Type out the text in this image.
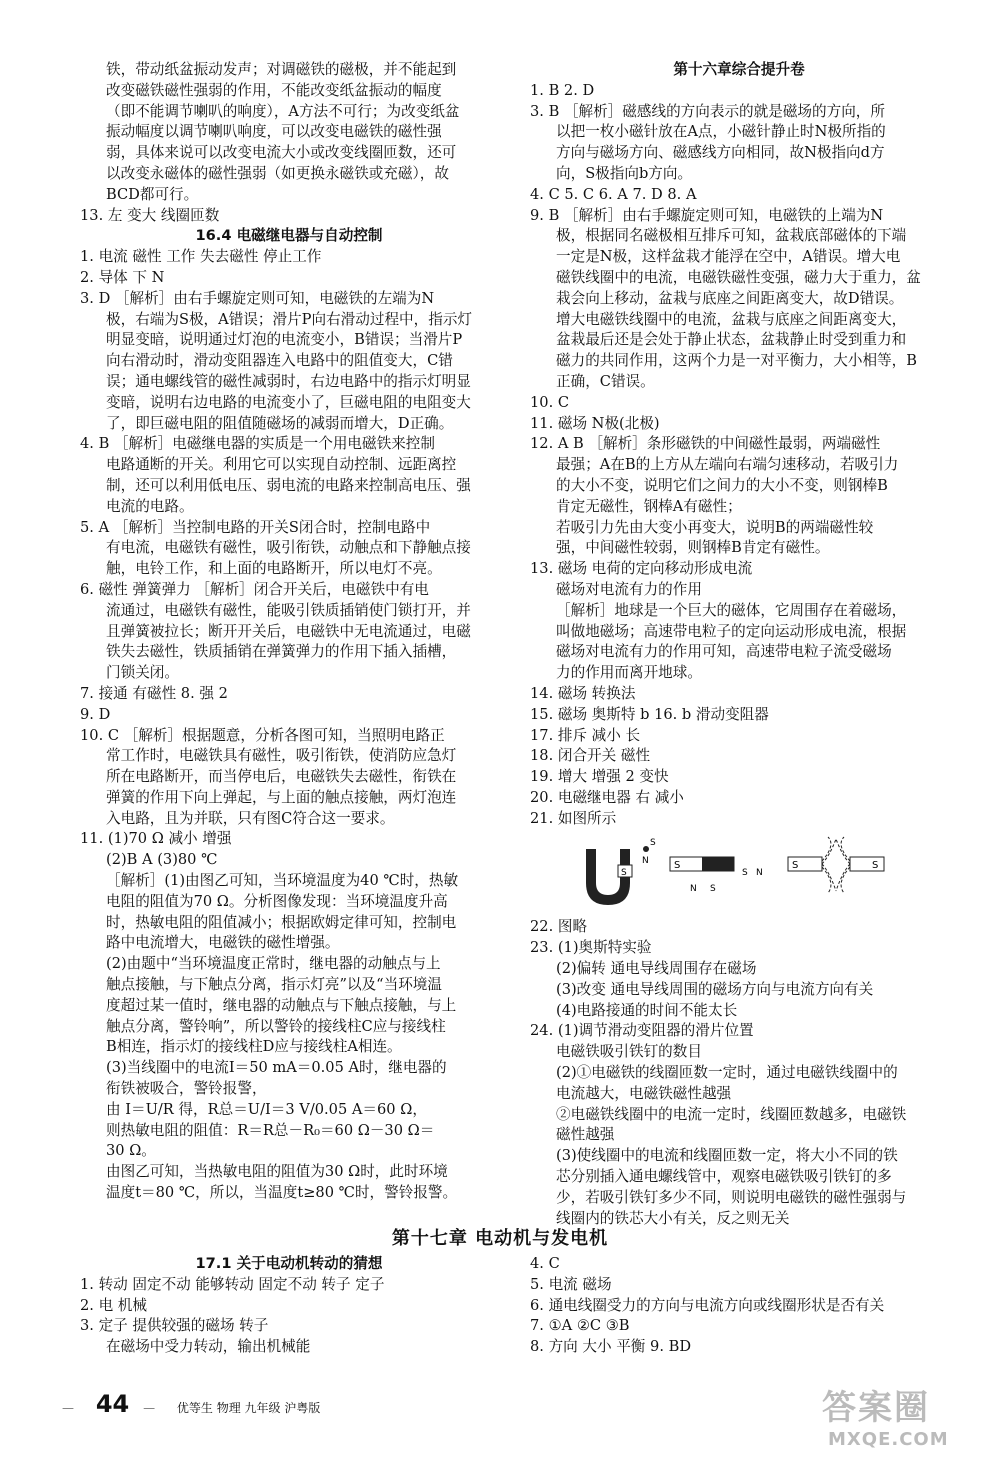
铁，带动纸盆振动发声；对调磁铁的磁极，并不能起到
改变磁铁磁性强弱的作用，不能改变纸盆振动的幅度
（即不能调节喇叭的响度），A方法不可行；为改变纸盆
振动幅度以调节喇叭响度，可以改变电磁铁的磁性强
弱，具体来说可以改变电流大小或改变线圈匝数，还可
以改变永磁体的磁性强弱（如更换永磁铁或充磁），故
BCD都可行。
13. 左 变大 线圈匝数
16.4 电磁继电器与自动控制
1. 电流 磁性 工作 失去磁性 停止工作
2. 导体 下 N
3. D ［解析］由右手螺旋定则可知，电磁铁的左端为N
极，右端为S极，A错误；滑片P向右滑动过程中，指示灯
明显变暗，说明通过灯泡的电流变小，B错误；当滑片P
向右滑动时，滑动变阻器连入电路中的阻值变大，C错
误；通电螺线管的磁性减弱时，右边电路中的指示灯明显
变暗，说明右边电路的电流变小了，巨磁电阻的电阻变大
了，即巨磁电阻的阻值随磁场的减弱而增大，D正确。
4. B ［解析］电磁继电器的实质是一个用电磁铁来控制
电路通断的开关。利用它可以实现自动控制、远距离控
制，还可以利用低电压、弱电流的电路来控制高电压、强
电流的电路。
5. A ［解析］当控制电路的开关S闭合时，控制电路中
有电流，电磁铁有磁性，吸引衔铁，动触点和下静触点接
触，电铃工作，和上面的电路断开，所以电灯不亮。
6. 磁性 弹簧弹力 ［解析］闭合开关后，电磁铁中有电
流通过，电磁铁有磁性，能吸引铁质插销使门锁打开，并
且弹簧被拉长；断开开关后，电磁铁中无电流通过，电磁
铁失去磁性，铁质插销在弹簧弹力的作用下插入插槽，
门锁关闭。
7. 接通 有磁性 8. 强 2
9. D
10. C ［解析］根据题意，分析各图可知，当照明电路正
常工作时，电磁铁具有磁性，吸引衔铁，使消防应急灯
所在电路断开，而当停电后，电磁铁失去磁性，衔铁在
弹簧的作用下向上弹起，与上面的触点接触，两灯泡连
入电路，且为并联，只有图C符合这一要求。
11. (1)70 Ω 减小 增强
(2)B A (3)80 ℃
［解析］(1)由图乙可知，当环境温度为40 ℃时，热敏
电阻的阻值为70 Ω。分析图像发现：当环境温度升高
时，热敏电阻的阻值减小；根据欧姆定律可知，控制电
路中电流增大，电磁铁的磁性增强。
(2)由题中“当环境温度正常时，继电器的动触点与上
触点接触，与下触点分离，指示灯亮”以及“当环境温
度超过某一值时，继电器的动触点与下触点接触，与上
触点分离，警铃响”，所以警铃的接线柱C应与接线柱
B相连，指示灯的接线柱D应与接线柱A相连。
(3)当线圈中的电流I＝50 mA＝0.05 A时，继电器的
衔铁被吸合，警铃报警，
由 I＝U/R 得，R总＝U/I＝3 V/0.05 A＝60 Ω，
则热敏电阻的阻值：R＝R总－R₀＝60 Ω－30 Ω＝
30 Ω。
由图乙可知，当热敏电阻的阻值为30 Ω时，此时环境
温度t＝80 ℃，所以，当温度t≥80 ℃时，警铃报警。
第十六章综合提升卷
1. B 2. D
3. B ［解析］磁感线的方向表示的就是磁场的方向，所
以把一枚小磁针放在A点，小磁针静止时N极所指的
方向与磁场方向、磁感线方向相同，故N极指向d方
向，S极指向b方向。
4. C 5. C 6. A 7. D 8. A
9. B ［解析］由右手螺旋定则可知，电磁铁的上端为N
极，根据同名磁极相互排斥可知，盆栽底部磁体的下端
一定是N极，这样盆栽才能浮在空中，A错误。增大电
磁铁线圈中的电流，电磁铁磁性变强，磁力大于重力，盆
栽会向上移动，盆栽与底座之间距离变大，故D错误。
增大电磁铁线圈中的电流，盆栽与底座之间距离变大，
盆栽最后还是会处于静止状态，盆栽静止时受到重力和
磁力的共同作用，这两个力是一对平衡力，大小相等，B
正确，C错误。
10. C
11. 磁场 N极(北极)
12. A B ［解析］条形磁铁的中间磁性最弱，两端磁性
最强；A在B的上方从左端向右端匀速移动，若吸引力
的大小不变，说明它们之间力的大小不变，则钢棒B
肯定无磁性，钢棒A有磁性；
若吸引力先由大变小再变大，说明B的两端磁性较
强，中间磁性较弱，则钢棒B肯定有磁性。
13. 磁场 电荷的定向移动形成电流
磁场对电流有力的作用
［解析］地球是一个巨大的磁体，它周围存在着磁场，
叫做地磁场；高速带电粒子的定向运动形成电流，根据
磁场对电流有力的作用可知，高速带电粒子流受磁场
力的作用而离开地球。
14. 磁场 转换法
15. 磁场 奥斯特 b 16. b 滑动变阻器
17. 排斥 减小 长
18. 闭合开关 磁性
19. 增大 增强 2 变快
20. 电磁继电器 右 减小
21. 如图所示
S
S
N	S
N S
S N
S	S
22. 图略
23. (1)奥斯特实验
(2)偏转 通电导线周围存在磁场
(3)改变 通电导线周围的磁场方向与电流方向有关
(4)电路接通的时间不能太长
24. (1)调节滑动变阻器的滑片位置
电磁铁吸引铁钉的数目
(2)①电磁铁的线圈匝数一定时，通过电磁铁线圈中的
电流越大，电磁铁磁性越强
②电磁铁线圈中的电流一定时，线圈匝数越多，电磁铁
磁性越强
(3)使线圈中的电流和线圈匝数一定，将大小不同的铁
芯分别插入通电螺线管中，观察电磁铁吸引铁钉的多
少，若吸引铁钉多少不同，则说明电磁铁的磁性强弱与
线圈内的铁芯大小有关，反之则无关
第十七章 电动机与发电机
17.1 关于电动机转动的猜想
1. 转动 固定不动 能够转动 固定不动 转子 定子
2. 电 机械
3. 定子 提供较强的磁场 转子
在磁场中受力转动，输出机械能
4. C
5. 电流 磁场
6. 通电线圈受力的方向与电流方向或线圈形状是否有关
7. ①A ②C ③B
8. 方向 大小 平衡 9. BD
— 44 — 优等生 物理 九年级 沪粤版	答案圈
MXQE.COM
